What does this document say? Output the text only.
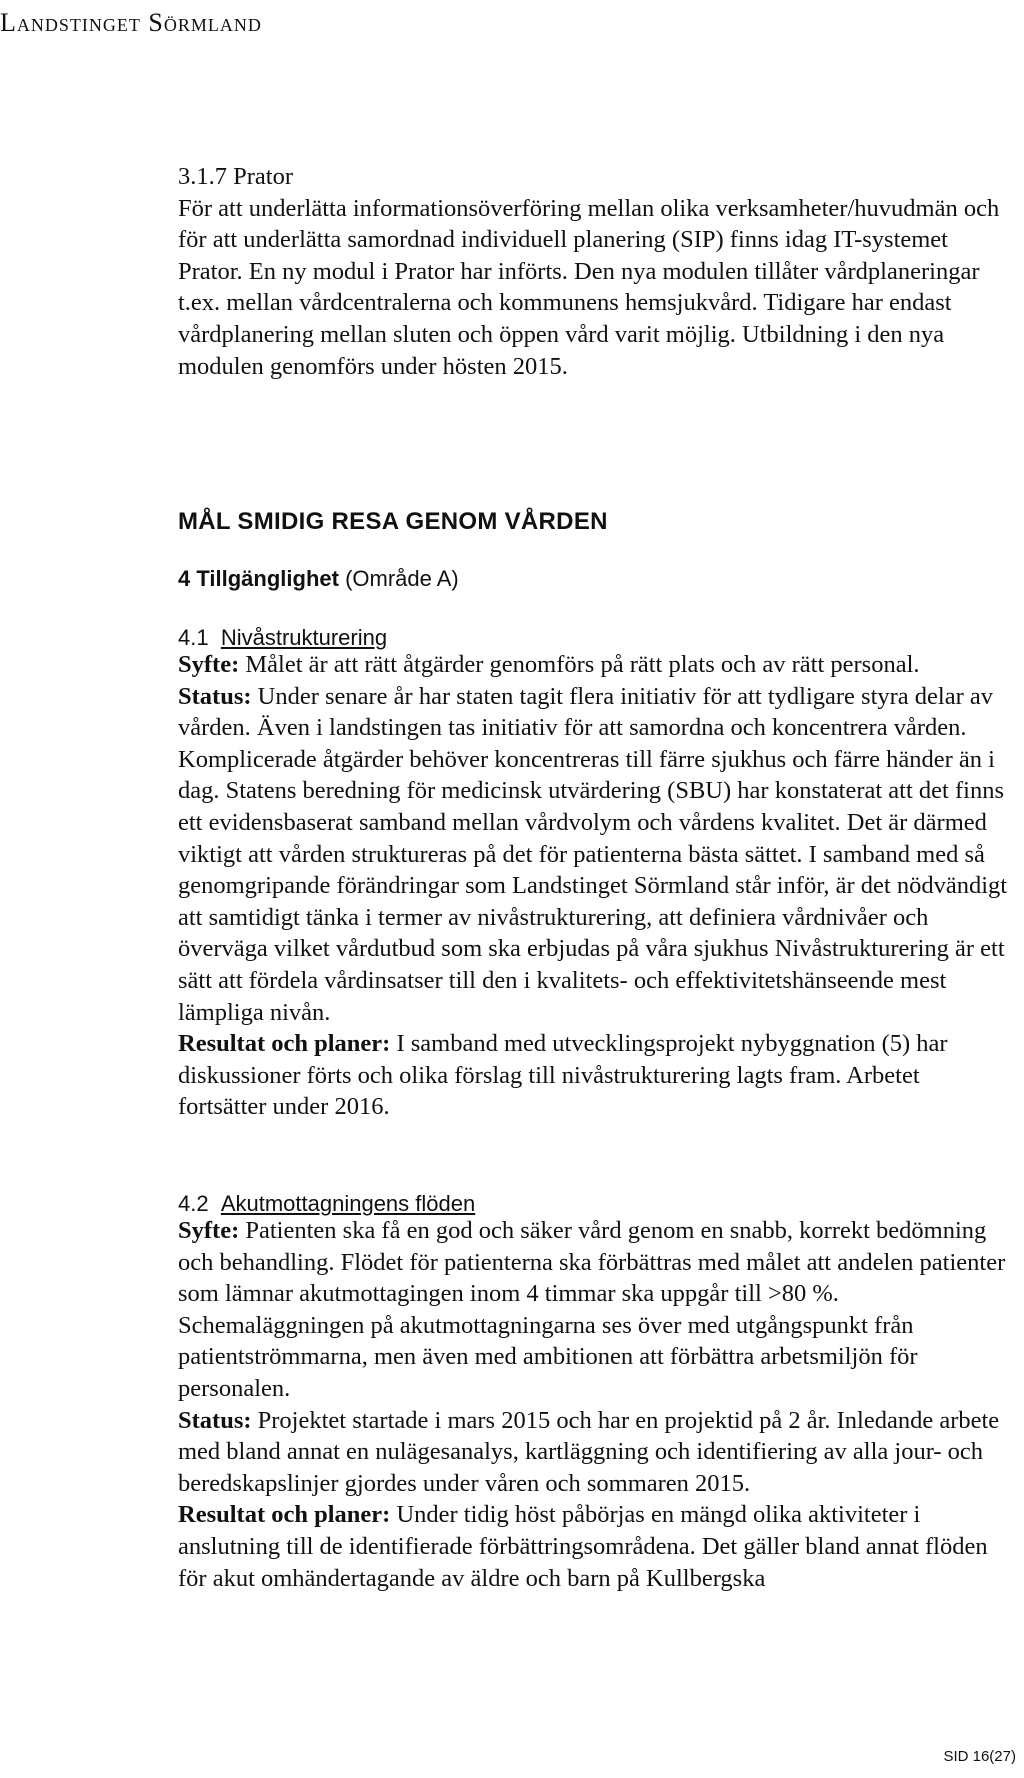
Landstinget Sörmland

3.1.7 Prator

För att underlätta informationsöverföring mellan olika verksamheter/huvudmän och för att underlätta samordnad individuell planering (SIP) finns idag IT-systemet Prator. En ny modul i Prator har införts. Den nya modulen tillåter vårdplaneringar t.ex. mellan vårdcentralerna och kommunens hemsjukvård. Tidigare har endast vårdplanering mellan sluten och öppen vård varit möjlig. Utbildning i den nya modulen genomförs under hösten 2015.

MÅL SMIDIG RESA GENOM VÅRDEN
4 Tillgänglighet (Område A)
4.1 Nivåstrukturering

Syfte: Målet är att rätt åtgärder genomförs på rätt plats och av rätt personal.

Status: Under senare år har staten tagit flera initiativ för att tydligare styra delar av vården. Även i landstingen tas initiativ för att samordna och koncentrera vården. Komplicerade åtgärder behöver koncentreras till färre sjukhus och färre händer än i dag. Statens beredning för medicinsk utvärdering (SBU) har konstaterat att det finns ett evidensbaserat samband mellan vårdvolym och vårdens kvalitet. Det är därmed viktigt att vården struktureras på det för patienterna bästa sättet. I samband med så genomgripande förändringar som Landstinget Sörmland står inför, är det nödvändigt att samtidigt tänka i termer av nivåstrukturering, att definiera vårdnivåer och överväga vilket vårdutbud som ska erbjudas på våra sjukhus Nivåstrukturering är ett sätt att fördela vårdinsatser till den i kvalitets- och effektivitetshänseende mest lämpliga nivån.

Resultat och planer: I samband med utvecklingsprojekt nybyggnation (5) har diskussioner förts och olika förslag till nivåstrukturering lagts fram. Arbetet fortsätter under 2016.

4.2 Akutmottagningens flöden

Syfte: Patienten ska få en god och säker vård genom en snabb, korrekt bedömning och behandling. Flödet för patienterna ska förbättras med målet att andelen patienter som lämnar akutmottagingen inom 4 timmar ska uppgår till >80 %. Schemaläggningen på akutmottagningarna ses över med utgångspunkt från patientströmmarna, men även med ambitionen att förbättra arbetsmiljön för personalen.

Status: Projektet startade i mars 2015 och har en projektid på 2 år. Inledande arbete med bland annat en nulägesanalys, kartläggning och identifiering av alla jour- och beredskapslinjer gjordes under våren och sommaren 2015.

Resultat och planer: Under tidig höst påbörjas en mängd olika aktiviteter i anslutning till de identifierade förbättringsområdena. Det gäller bland annat flöden för akut omhändertagande av äldre och barn på Kullbergska

SID 16(27)
